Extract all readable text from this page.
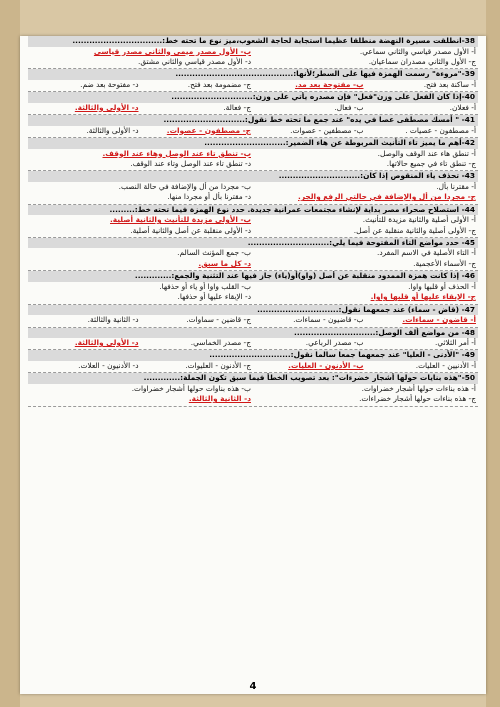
38-انطلقت مسيرة النهضة منطلقا عظيما استجابة لحاجة الشعوب،ميز نوع ما تحته خط:................................
أ- الأول مصدر قياسي والثاني سماعي.
ب- الأول مصدر ميمي والثاني مصدر قياسي
ج- الأول والثاني مصدران سماعيان.
د- الأول مصدر قياسي والثاني مشتق.
39-"مروءة" رسمت الهمزة فيها على السطر؛لأنها:..........................................
أ- ساكنة بعد فتح.
ب- مفتوحة بعد مد.
ج- مضمومة بعد فتح.
د- مفتوحة بعد ضم.
40-إذا كان الفعل على وزن"فعل" فإن مصدره يأتي على وزن:.............................
أ- فعلان.
ب- فعال.
ج- فعالة.
د- الأولى والثالثة.
41- " أمسك مصطفى عصا في يده" عند جمع ما تحته خط نقول:.............................
أ- مصطفون - عصيات .
ب- مصطفين - عصوات.
ج- مصطفون - عصوات.
د- الأولى والثالثة.
42-أهم ما يميز تاء التأنيث المربوطة عن هاء الضمير:.............................
أ- تنطق هاء عند الوقف والوصل.
ب- تنطق تاء عند الوصل وهاء عند الوقف.
ج- تنطق تاء في جميع حالاتها.
د- تنطق تاء عند الوصل وتاء عند الوقف.
43- تحذف ياء المنقوص إذا كان:.............................
أ- مقترنا بأل.
ب- مجردا من أل والإضافة في حالة النصب.
ج- مجردا من أل والإضافة في حالتي الرفع والجر.
د- مقترنا بأل أو مجردا منها.
44- استصلاح صحراء مصر بداية لإنشاء مجتمعات عمرانية جديدة. حدد نوع الهمزة فيما تحته خط:.........
أ- الأولى أصلية والثانية مزيدة للتأنيث.
ب- الأولى مزيدة للتأنيث والثانية أصلية.
ج- الأولى أصلية والثانية منقلبة عن أصل.
د- الأولى منقلبة عن أصل والثانية أصلية.
45- حدد مواضع التاء المفتوحة فيما يلي:.............................
أ- التاء الأصلية في الاسم المفرد.
ب- جمع المؤنث السالم.
ج- الأسماء الأعجمية.
د- كل ما سبق.
46- إذا كانت همزة الممدود منقلبة عن أصل (واو)أو(ياء) جاز فيها عند التثنية والجمع:.............
أ- الحذف أو قلبها واوا.
ب- القلب واوا أو ياء أو حذفها.
ج- الإبقاء عليها أو قلبها واوا.
د- الإبقاء عليها أو حذفها.
47- (قاض - سماء) عند جمعهما نقول:.............................
أ- قاضون - سماءات.
ب- قاضيون - سماءات.
ج- قاضين - سماوات.
د- الثانية والثالثة.
48- من مواضع ألف الوصل:.............................
أ- أمر الثلاثي.
ب- مصدر الرباعي.
ج- مصدر الخماسي.
د- الأولى والثالثة.
49- "الأدنى - العليا" عند جمعهما جمعا سالما نقول:.............................
أ- الأدنيين - العليات.
ب- الأدنون - العليات.
ج- الأدنون - العليوات.
د- الأدنيون - العلات.
50-"هذه بنايات حولها أشجار خضرءات": بعد تصويب الخطأ فيما سبق تكون الجملة:.............
أ- هذه بناءات حولها أشجار خضراوات.
ب- هذه بناوات حولها أشجار خضراوات.
ج- هذه بناءات حولها أشجار خضراءات.
د- الثانية والثالثة.
4
